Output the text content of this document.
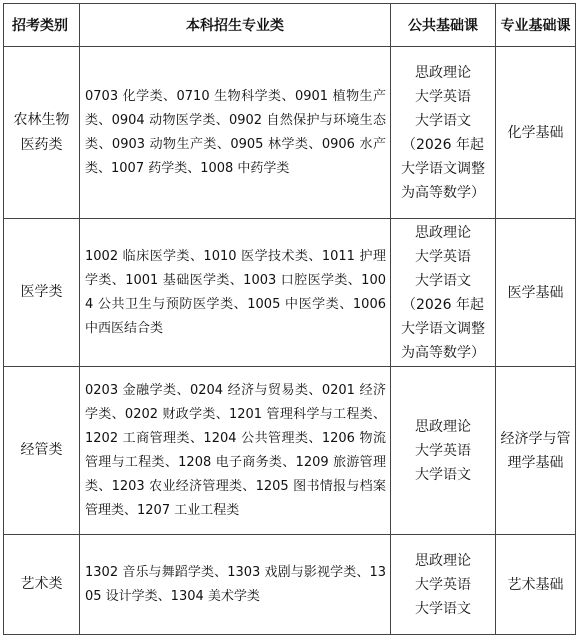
招考类别	本科招生专业类	公共基础课	专业基础课
农林生物医药类	0703 化学类、0710 生物科学类、0901 植物生产类、0904 动物医学类、0902 自然保护与环境生态类、0903 动物生产类、0905 林学类、0906 水产类、1007 药学类、1008 中药学类	思政理论
大学英语
大学语文
（2026 年起大学语文调整为高等数学）	化学基础
医学类	1002 临床医学类、1010 医学技术类、1011 护理学类、1001 基础医学类、1003 口腔医学类、1004 公共卫生与预防医学类、1005 中医学类、1006 中西医结合类	思政理论
大学英语
大学语文
（2026 年起大学语文调整为高等数学）	医学基础
经管类	0203 金融学类、0204 经济与贸易类、0201 经济学类、0202 财政学类、1201 管理科学与工程类、1202 工商管理类、1204 公共管理类、1206 物流管理与工程类、1208 电子商务类、1209 旅游管理类、1203 农业经济管理类、1205 图书情报与档案管理类、1207 工业工程类	思政理论
大学英语
大学语文	经济学与管理学基础
艺术类	1302 音乐与舞蹈学类、1303 戏剧与影视学类、1305 设计学类、1304 美术学类	思政理论
大学英语
大学语文	艺术基础
